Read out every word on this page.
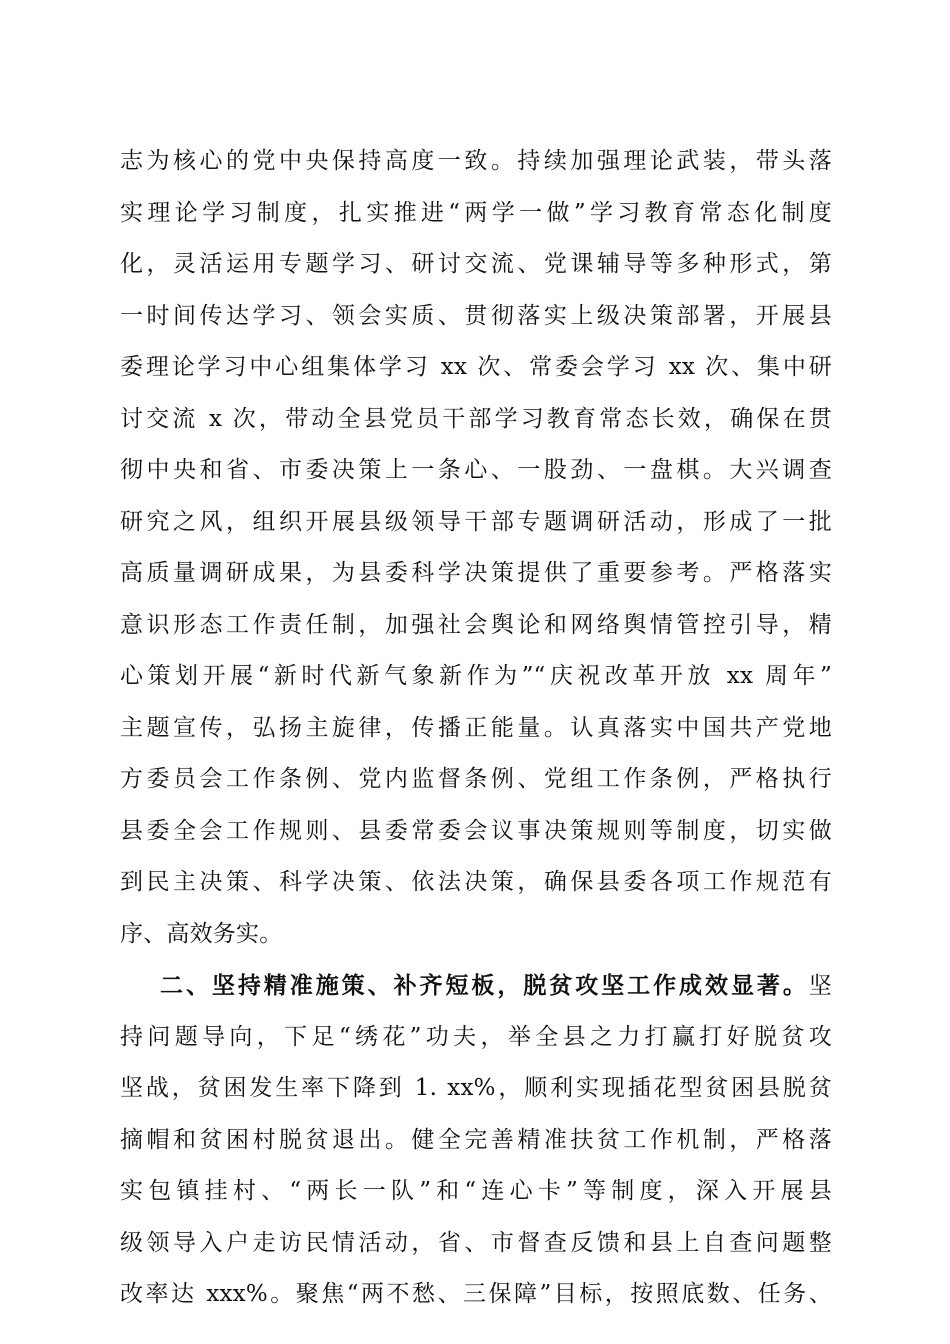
志为核心的党中央保持高度一致。持续加强理论武装，带头落
实理论学习制度，扎实推进“两学一做”学习教育常态化制度
化，灵活运用专题学习、研讨交流、党课辅导等多种形式，第
一时间传达学习、领会实质、贯彻落实上级决策部署，开展县
委理论学习中心组集体学习 xx 次、常委会学习 xx 次、集中研
讨交流 x 次，带动全县党员干部学习教育常态长效，确保在贯
彻中央和省、市委决策上一条心、一股劲、一盘棋。大兴调查
研究之风，组织开展县级领导干部专题调研活动，形成了一批
高质量调研成果，为县委科学决策提供了重要参考。严格落实
意识形态工作责任制，加强社会舆论和网络舆情管控引导，精
心策划开展“新时代新气象新作为”“庆祝改革开放 xx 周年”
主题宣传，弘扬主旋律，传播正能量。认真落实中国共产党地
方委员会工作条例、党内监督条例、党组工作条例，严格执行
县委全会工作规则、县委常委会议事决策规则等制度，切实做
到民主决策、科学决策、依法决策，确保县委各项工作规范有
序、高效务实。
二、坚持精准施策、补齐短板，脱贫攻坚工作成效显著。坚
持问题导向，下足“绣花”功夫，举全县之力打赢打好脱贫攻
坚战，贫困发生率下降到 1. xx%，顺利实现插花型贫困县脱贫
摘帽和贫困村脱贫退出。健全完善精准扶贫工作机制，严格落
实包镇挂村、“两长一队”和“连心卡”等制度，深入开展县
级领导入户走访民情活动，省、市督查反馈和县上自查问题整
改率达 xxx%。聚焦“两不愁、三保障”目标，按照底数、任务、
